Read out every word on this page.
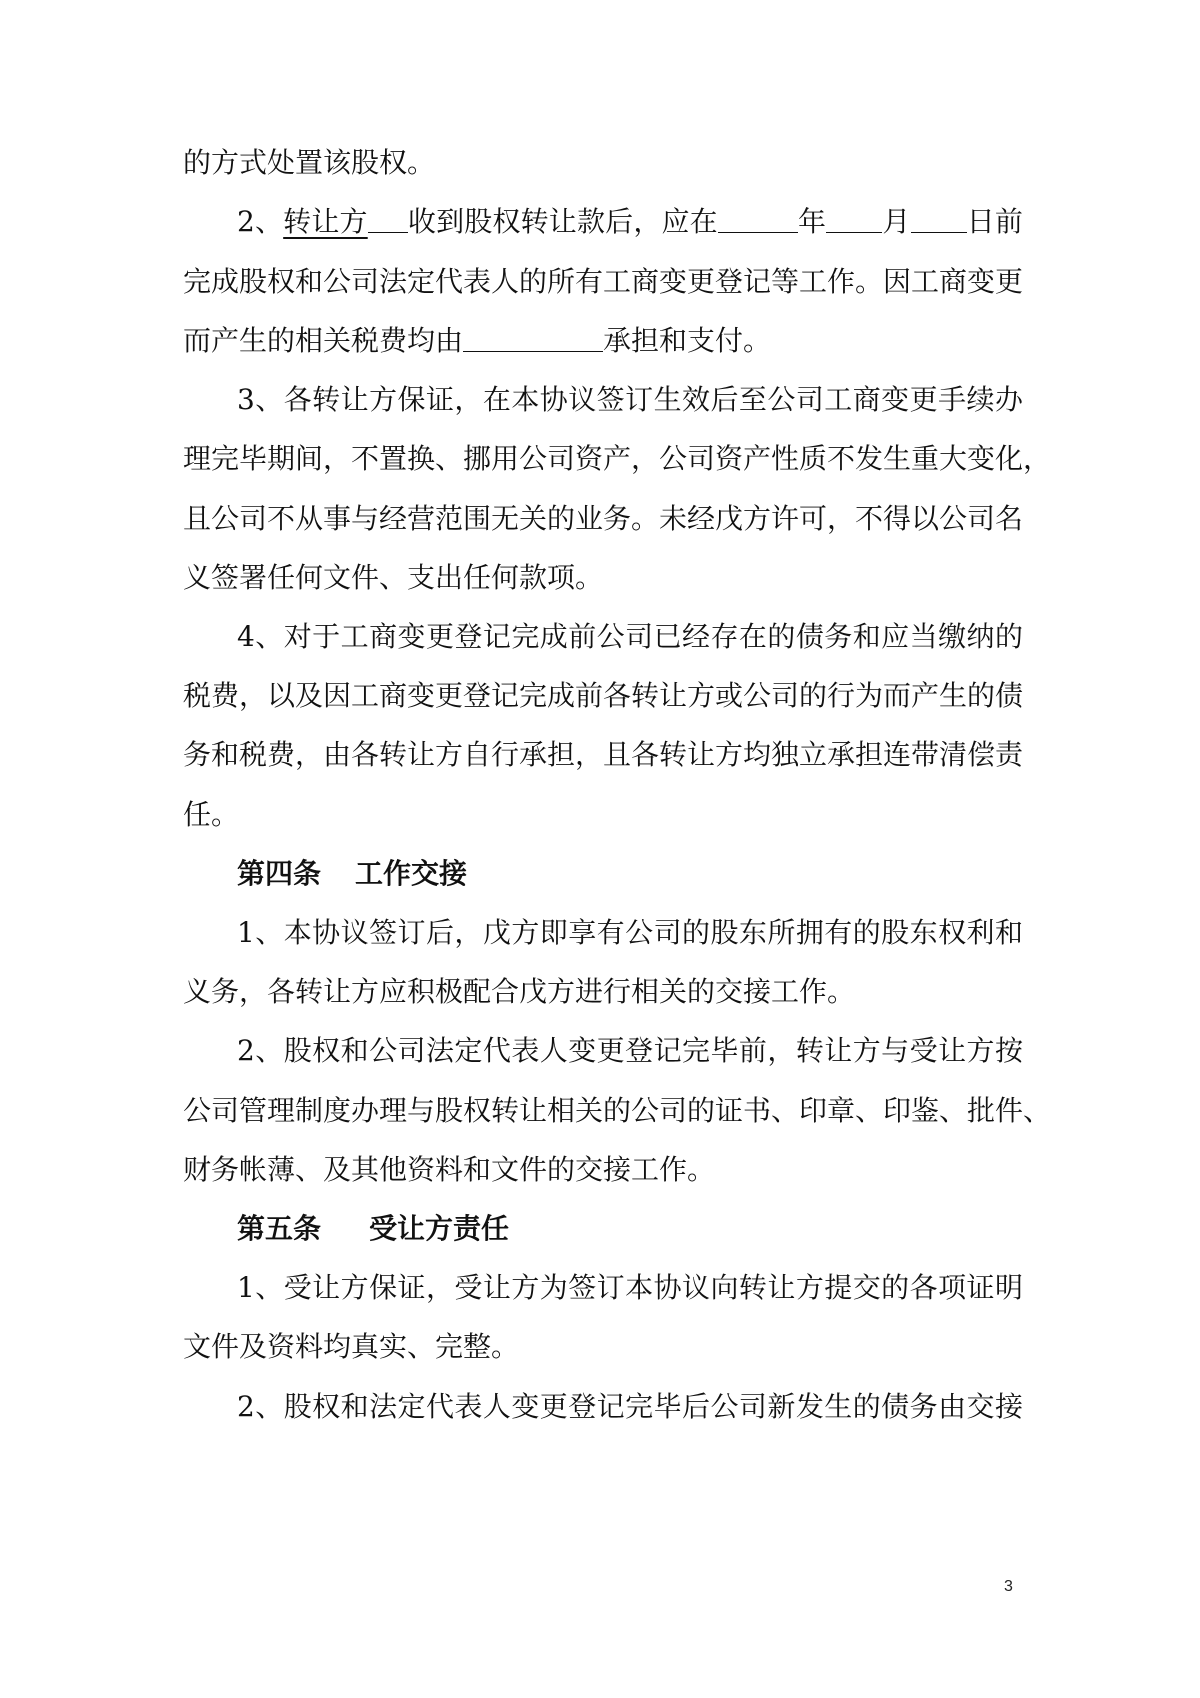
的方式处置该股权。
2、转让方 收到股权转让款后，应在	年 月 日前
完成股权和公司法定代表人的所有工商变更登记等工作。因工商变更
而产生的相关税费均由	承担和支付。
3、各转让方保证，在本协议签订生效后至公司工商变更手续办
理完毕期间，不置换、挪用公司资产，公司资产性质不发生重大变化，
且公司不从事与经营范围无关的业务。未经戊方许可，不得以公司名
义签署任何文件、支出任何款项。
4、对于工商变更登记完成前公司已经存在的债务和应当缴纳的
税费，以及因工商变更登记完成前各转让方或公司的行为而产生的债
务和税费，由各转让方自行承担，且各转让方均独立承担连带清偿责
任。
第四条 工作交接
1、本协议签订后，戊方即享有公司的股东所拥有的股东权利和
义务，各转让方应积极配合戊方进行相关的交接工作。
2、股权和公司法定代表人变更登记完毕前，转让方与受让方按
公司管理制度办理与股权转让相关的公司的证书、印章、印鉴、批件、
财务帐薄、及其他资料和文件的交接工作。
第五条 受让方责任
1、受让方保证，受让方为签订本协议向转让方提交的各项证明
文件及资料均真实、完整。
2、股权和法定代表人变更登记完毕后公司新发生的债务由交接
3
